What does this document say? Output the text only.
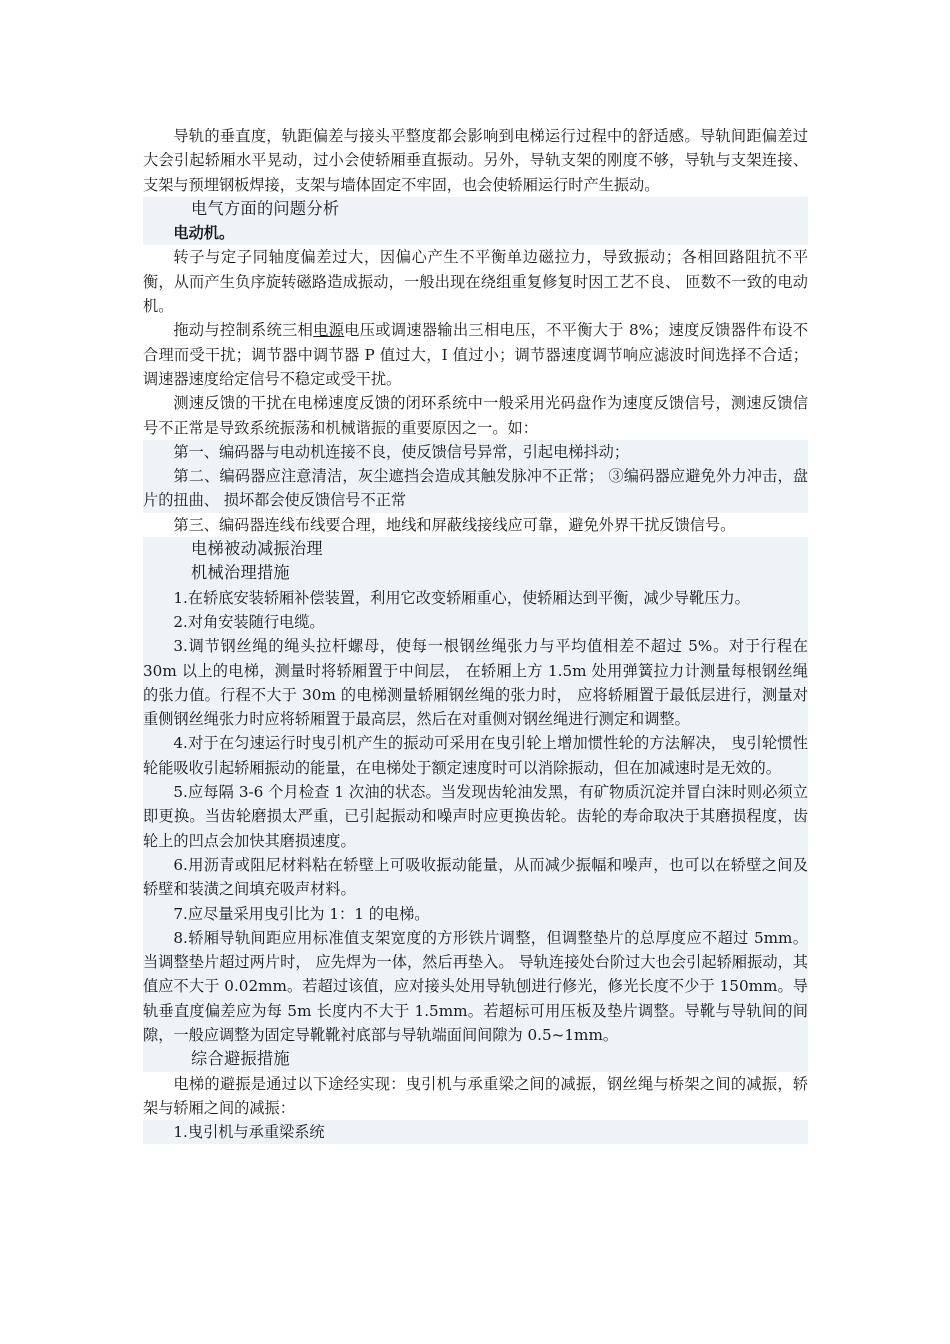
导轨的垂直度，轨距偏差与接头平整度都会影响到电梯运行过程中的舒适感。导轨间距偏差过大会引起轿厢水平晃动，过小会使轿厢垂直振动。另外，导轨支架的刚度不够，导轨与支架连接、 支架与预埋钢板焊接，支架与墙体固定不牢固，也会使轿厢运行时产生振动。

电气方面的问题分析

电动机。

转子与定子同轴度偏差过大，因偏心产生不平衡单边磁拉力，导致振动；各相回路阻抗不平衡，从而产生负序旋转磁路造成振动，一般出现在绕组重复修复时因工艺不良、 匝数不一致的电动机。

拖动与控制系统三相电源电压或调速器输出三相电压，不平衡大于 8%；速度反馈器件布设不合理而受干扰；调节器中调节器 P 值过大，I 值过小；调节器速度调节响应滤波时间选择不合适；调速器速度给定信号不稳定或受干扰。

测速反馈的干扰在电梯速度反馈的闭环系统中一般采用光码盘作为速度反馈信号，测速反馈信号不正常是导致系统振荡和机械谐振的重要原因之一。如：

第一、编码器与电动机连接不良，使反馈信号异常，引起电梯抖动；

第二、编码器应注意清洁，灰尘遮挡会造成其触发脉冲不正常； ③编码器应避免外力冲击，盘片的扭曲、 损坏都会使反馈信号不正常

第三、编码器连线布线要合理，地线和屏蔽线接线应可靠，避免外界干扰反馈信号。

电梯被动减振治理

机械治理措施

1.在轿底安装轿厢补偿装置，利用它改变轿厢重心，使轿厢达到平衡，减少导靴压力。

2.对角安装随行电缆。

3.调节钢丝绳的绳头拉杆螺母，使每一根钢丝绳张力与平均值相差不超过 5%。对于行程在 30m 以上的电梯，测量时将轿厢置于中间层， 在轿厢上方 1.5m 处用弹簧拉力计测量每根钢丝绳的张力值。行程不大于 30m 的电梯测量轿厢钢丝绳的张力时， 应将轿厢置于最低层进行，测量对重侧钢丝绳张力时应将轿厢置于最高层，然后在对重侧对钢丝绳进行测定和调整。

4.对于在匀速运行时曳引机产生的振动可采用在曳引轮上增加惯性轮的方法解决， 曳引轮惯性轮能吸收引起轿厢振动的能量，在电梯处于额定速度时可以消除振动，但在加减速时是无效的。

5.应每隔 3-6 个月检查 1 次油的状态。当发现齿轮油发黑，有矿物质沉淀并冒白沫时则必须立即更换。当齿轮磨损太严重，已引起振动和噪声时应更换齿轮。齿轮的寿命取决于其磨损程度，齿轮上的凹点会加快其磨损速度。

6.用沥青或阻尼材料粘在轿壁上可吸收振动能量，从而减少振幅和噪声，也可以在轿壁之间及轿壁和装潢之间填充吸声材料。

7.应尽量采用曳引比为 1：1 的电梯。

8.轿厢导轨间距应用标准值支架宽度的方形铁片调整，但调整垫片的总厚度应不超过 5mm。当调整垫片超过两片时， 应先焊为一体，然后再垫入。 导轨连接处台阶过大也会引起轿厢振动，其值应不大于 0.02mm。若超过该值，应对接头处用导轨刨进行修光，修光长度不少于 150mm。导轨垂直度偏差应为每 5m 长度内不大于 1.5mm。若超标可用压板及垫片调整。导靴与导轨间的间隙，一般应调整为固定导靴靴衬底部与导轨端面间间隙为 0.5~1mm。

综合避振措施

电梯的避振是通过以下途经实现：曳引机与承重梁之间的减振，钢丝绳与桥架之间的减振，轿架与轿厢之间的减振：

1.曳引机与承重梁系统
